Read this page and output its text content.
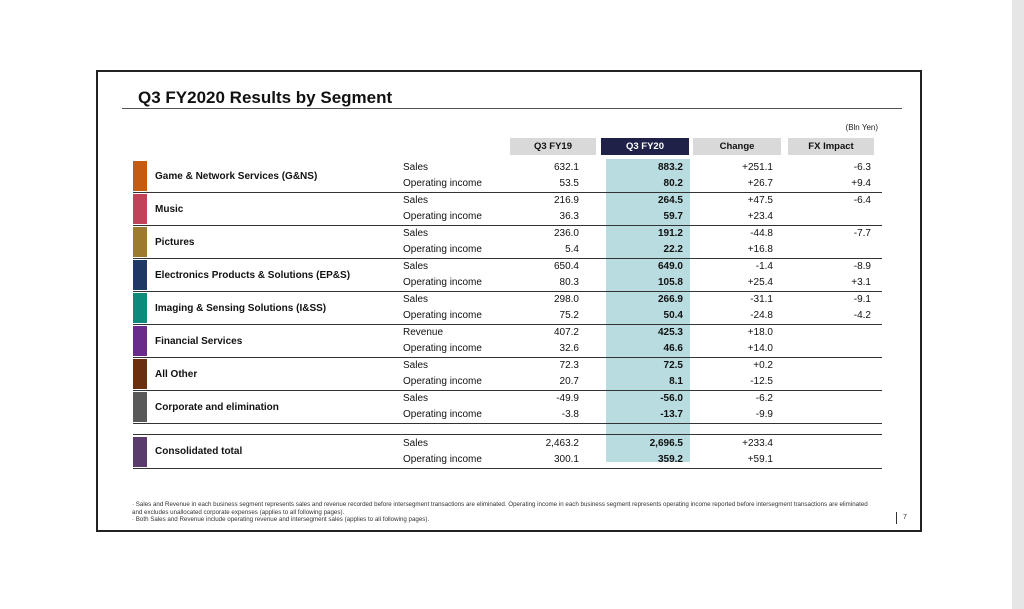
Q3 FY2020 Results by Segment
(Bln Yen)
Q3 FY19	Q3 FY20	Change	FX Impact
Game & Network Services (G&NS)
Sales	632.1	883.2	+251.1	-6.3
Operating income	53.5	80.2	+26.7	+9.4
Music
Sales	216.9	264.5	+47.5	-6.4
Operating income	36.3	59.7	+23.4
Pictures
Sales	236.0	191.2	-44.8	-7.7
Operating income	5.4	22.2	+16.8
Electronics Products & Solutions (EP&S)
Sales	650.4	649.0	-1.4	-8.9
Operating income	80.3	105.8	+25.4	+3.1
Imaging & Sensing Solutions (I&SS)
Sales	298.0	266.9	-31.1	-9.1
Operating income	75.2	50.4	-24.8	-4.2
Financial Services
Revenue	407.2	425.3	+18.0
Operating income	32.6	46.6	+14.0
All Other
Sales	72.3	72.5	+0.2
Operating income	20.7	8.1	-12.5
Corporate and elimination
Sales	-49.9	-56.0	-6.2
Operating income	-3.8	-13.7	-9.9
Consolidated total
Sales	2,463.2	2,696.5	+233.4
Operating income	300.1	359.2	+59.1
· Sales and Revenue in each business segment represents sales and revenue recorded before intersegment transactions are eliminated. Operating income in each business segment represents operating income reported before intersegment transactions are eliminated and excludes unallocated corporate expenses (applies to all following pages).
· Both Sales and Revenue include operating revenue and intersegment sales (applies to all following pages).	7
